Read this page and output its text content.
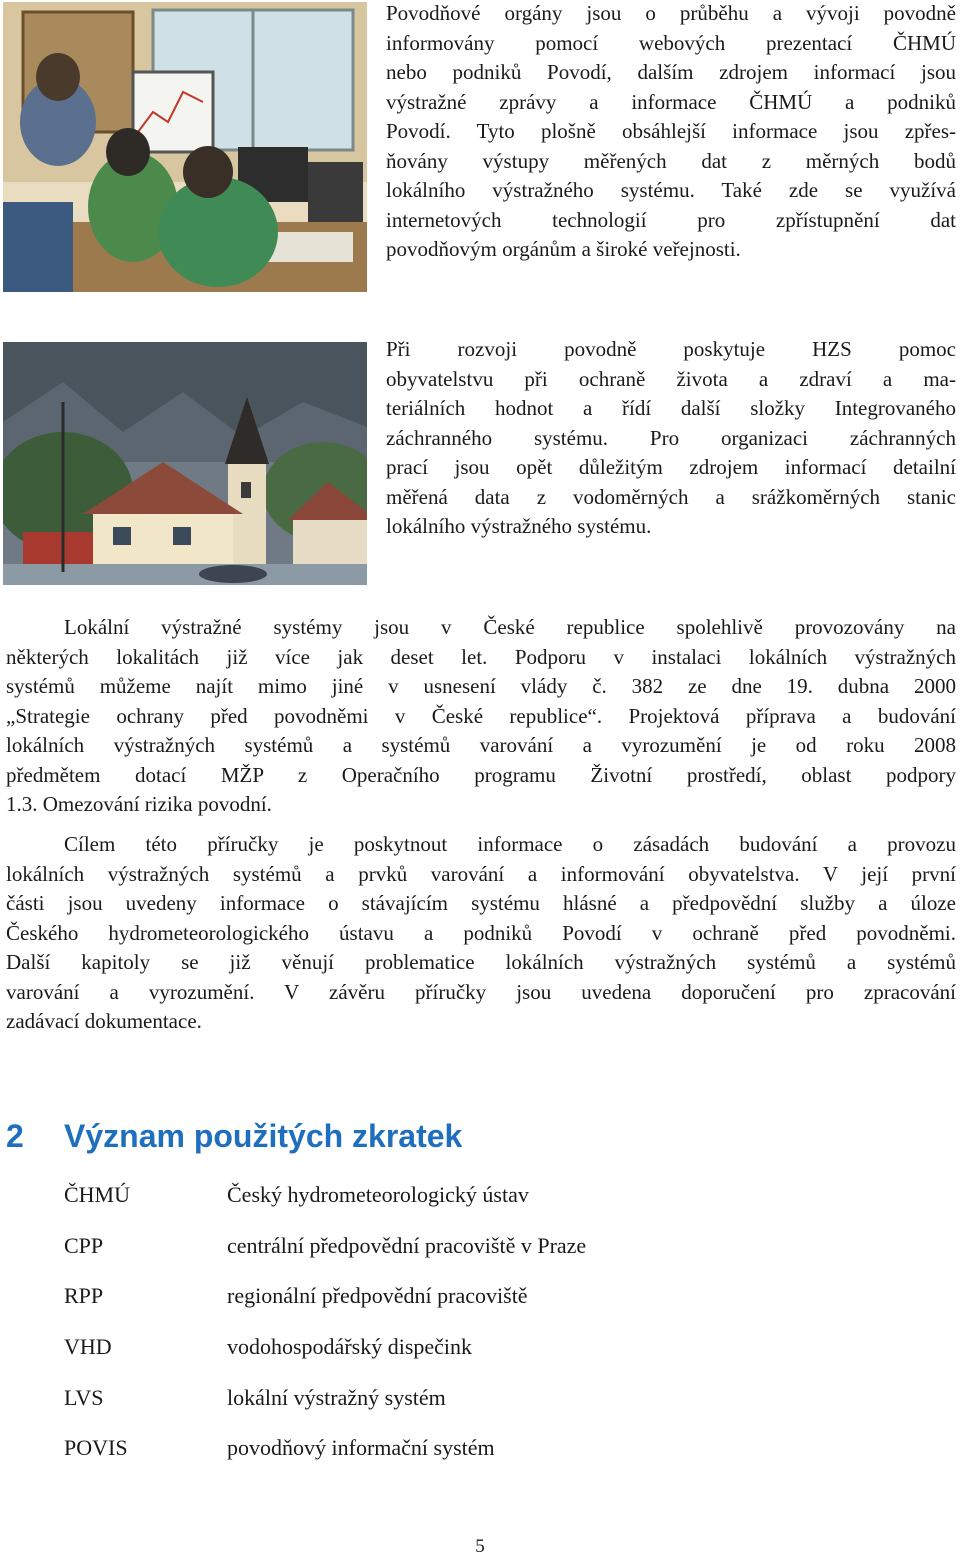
Povodňové orgány jsou o průběhu a vývoji povodně
informovány pomocí webových prezentací ČHMÚ
nebo podniků Povodí, dalším zdrojem informací jsou
výstražné zprávy a informace ČHMÚ a podniků
Povodí. Tyto plošně obsáhlejší informace jsou zpřes-
ňovány výstupy měřených dat z měrných bodů
lokálního výstražného systému. Také zde se využívá
internetových technologií pro zpřístupnění dat
povodňovým orgánům a široké veřejnosti.
Při rozvoji povodně poskytuje HZS pomoc
obyvatelstvu při ochraně života a zdraví a ma-
teriálních hodnot a řídí další složky Integrovaného
záchranného systému. Pro organizaci záchranných
prací jsou opět důležitým zdrojem informací detailní
měřená data z vodoměrných a srážkoměrných stanic
lokálního výstražného systému.
Lokální výstražné systémy jsou v České republice spolehlivě provozovány na
některých lokalitách již více jak deset let. Podporu v instalaci lokálních výstražných
systémů můžeme najít mimo jiné v usnesení vlády č. 382 ze dne 19. dubna 2000
„Strategie ochrany před povodněmi v České republice“. Projektová příprava a budování
lokálních výstražných systémů a systémů varování a vyrozumění je od roku 2008
předmětem dotací MŽP z Operačního programu Životní prostředí, oblast podpory
1.3. Omezování rizika povodní.
Cílem této příručky je poskytnout informace o zásadách budování a provozu
lokálních výstražných systémů a prvků varování a informování obyvatelstva. V její první
části jsou uvedeny informace o stávajícím systému hlásné a předpovědní služby a úloze
Českého hydrometeorologického ústavu a podniků Povodí v ochraně před povodněmi.
Další kapitoly se již věnují problematice lokálních výstražných systémů a systémů
varování a vyrozumění. V závěru příručky jsou uvedena doporučení pro zpracování
zadávací dokumentace.
2 Význam použitých zkratek
ČHMÚ	Český hydrometeorologický ústav
CPP	centrální předpovědní pracoviště v Praze
RPP	regionální předpovědní pracoviště
VHD	vodohospodářský dispečink
LVS	lokální výstražný systém
POVIS	povodňový informační systém
5
